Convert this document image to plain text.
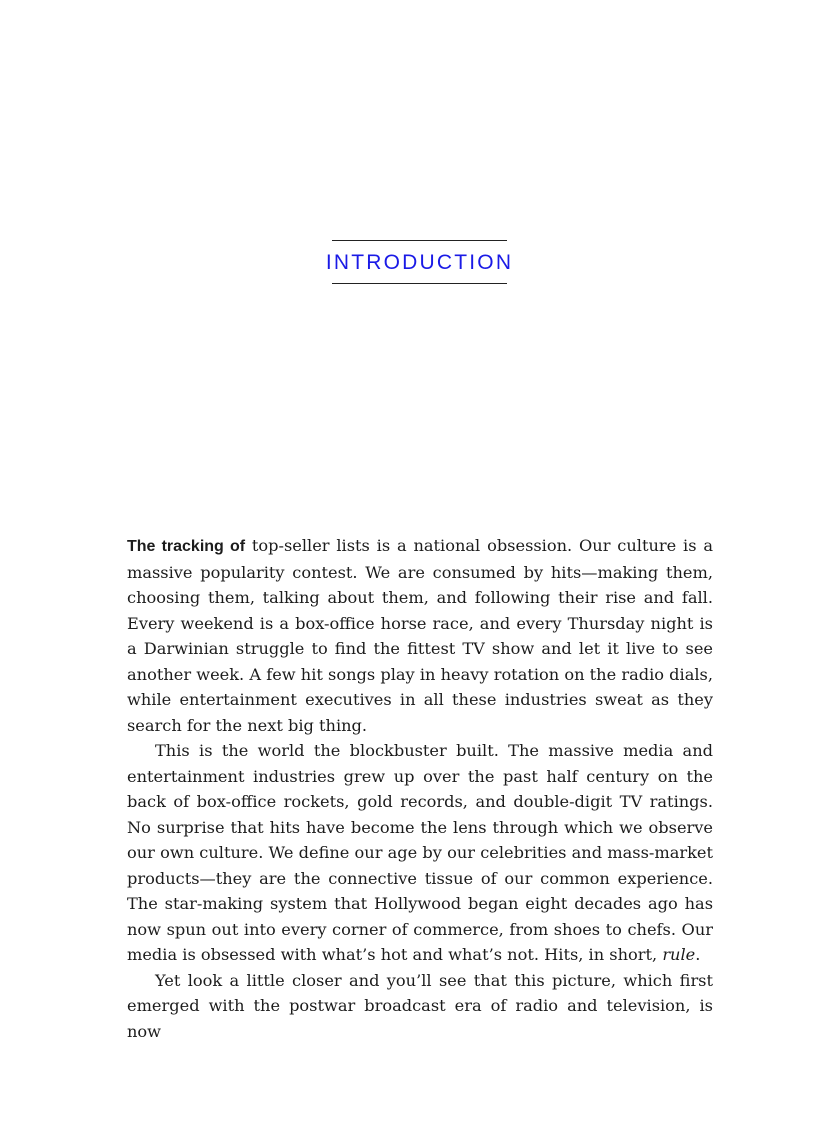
INTRODUCTION

The tracking of top-seller lists is a national obsession. Our culture is a massive popularity contest. We are consumed by hits—making them, choosing them, talking about them, and following their rise and fall. Every weekend is a box-office horse race, and every Thursday night is a Darwinian struggle to find the fittest TV show and let it live to see another week. A few hit songs play in heavy rotation on the radio dials, while entertainment executives in all these industries sweat as they search for the next big thing.

This is the world the blockbuster built. The massive media and entertainment industries grew up over the past half century on the back of box-office rockets, gold records, and double-digit TV ratings. No surprise that hits have become the lens through which we observe our own culture. We define our age by our celebrities and mass-market products—they are the connective tissue of our common experience. The star-making system that Hollywood began eight decades ago has now spun out into every corner of commerce, from shoes to chefs. Our media is obsessed with what’s hot and what’s not. Hits, in short, rule.

Yet look a little closer and you’ll see that this picture, which first emerged with the postwar broadcast era of radio and television, is now
